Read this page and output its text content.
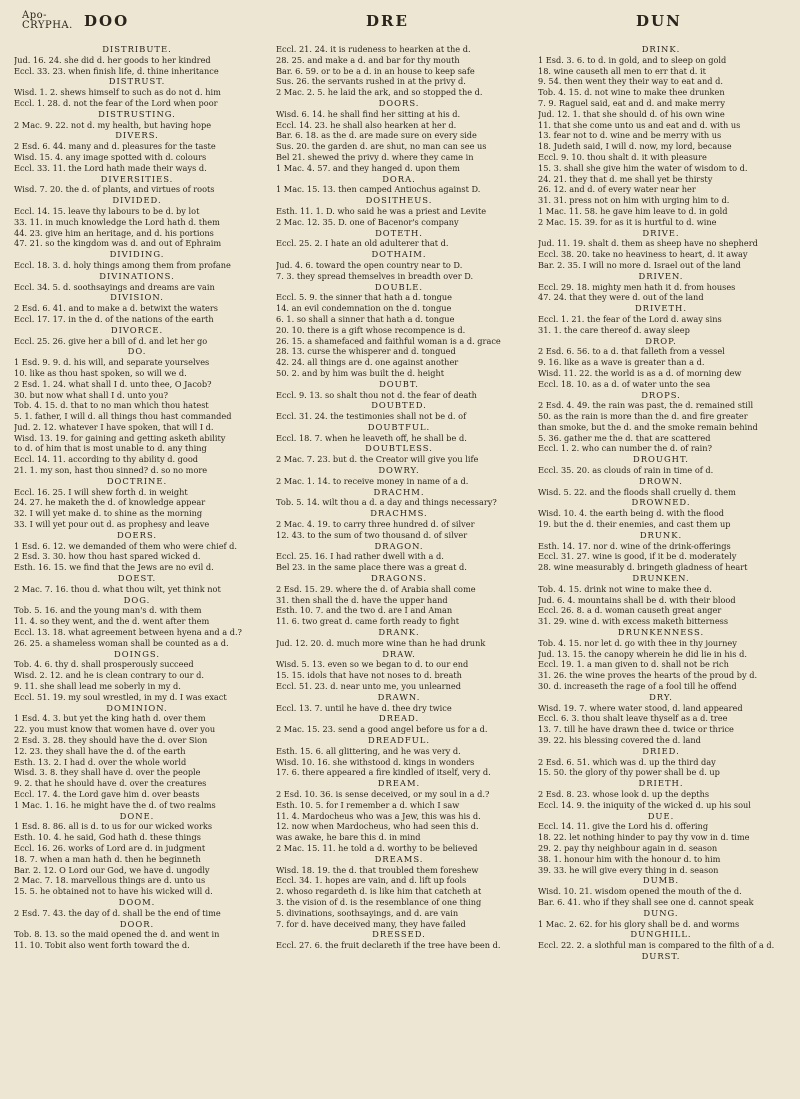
Apo-
CRYPHA. DOO	DRE	DUN

DISTRIBUTE.

Jud. 16. 24. she did d. her goods to her kindred

Eccl. 33. 23. when finish life, d. thine inheritance

DISTRUST.

Wisd. 1. 2. shews himself to such as do not d. him

Eccl. 1. 28. d. not the fear of the Lord when poor

DISTRUSTING.

2 Mac. 9. 22. not d. my health, but having hope

DIVERS.

2 Esd. 6. 44. many and d. pleasures for the taste

Wisd. 15. 4. any image spotted with d. colours

Eccl. 33. 11. the Lord hath made their ways d.

DIVERSITIES.

Wisd. 7. 20. the d. of plants, and virtues of roots

DIVIDED.

Eccl. 14. 15. leave thy labours to be d. by lot

33. 11. in much knowledge the Lord hath d. them

44. 23. give him an heritage, and d. his portions

47. 21. so the kingdom was d. and out of Ephraim

DIVIDING.

Eccl. 18. 3. d. holy things among them from profane

DIVINATIONS.

Eccl. 34. 5. d. soothsayings and dreams are vain

DIVISION.

2 Esd. 6. 41. and to make a d. betwixt the waters

Eccl. 17. 17. in the d. of the nations of the earth

DIVORCE.

Eccl. 25. 26. give her a bill of d. and let her go

DO.

1 Esd. 9. 9. d. his will, and separate yourselves

10. like as thou hast spoken, so will we d.

2 Esd. 1. 24. what shall I d. unto thee, O Jacob?

30. but now what shall I d. unto you?

Tob. 4. 15. d. that to no man which thou hatest

5. 1. father, I will d. all things thou hast commanded

Jud. 2. 12. whatever I have spoken, that will I d.

Wisd. 13. 19. for gaining and getting asketh ability

to d. of him that is most unable to d. any thing

Eccl. 14. 11. according to thy ability d. good

21. 1. my son, hast thou sinned? d. so no more

DOCTRINE.

Eccl. 16. 25. I will shew forth d. in weight

24. 27. he maketh the d. of knowledge appear

32. I will yet make d. to shine as the morning

33. I will yet pour out d. as prophesy and leave

DOERS.

1 Esd. 6. 12. we demanded of them who were chief d.

2 Esd. 3. 30. how thou hast spared wicked d.

Esth. 16. 15. we find that the Jews are no evil d.

DOEST.

2 Mac. 7. 16. thou d. what thou wilt, yet think not

DOG.

Tob. 5. 16. and the young man's d. with them

11. 4. so they went, and the d. went after them

Eccl. 13. 18. what agreement between hyena and a d.?

26. 25. a shameless woman shall be counted as a d.

DOINGS.

Tob. 4. 6. thy d. shall prosperously succeed

Wisd. 2. 12. and he is clean contrary to our d.

9. 11. she shall lead me soberly in my d.

Eccl. 51. 19. my soul wrestled, in my d. I was exact

DOMINION.

1 Esd. 4. 3. but yet the king hath d. over them

22. you must know that women have d. over you

2 Esd. 3. 28. they should have the d. over Sion

12. 23. they shall have the d. of the earth

Esth. 13. 2. I had d. over the whole world

Wisd. 3. 8. they shall have d. over the people

9. 2. that he should have d. over the creatures

Eccl. 17. 4. the Lord gave him d. over beasts

1 Mac. 1. 16. he might have the d. of two realms

DONE.

1 Esd. 8. 86. all is d. to us for our wicked works

Esth. 10. 4. he said, God hath d. these things

Eccl. 16. 26. works of Lord are d. in judgment

18. 7. when a man hath d. then he beginneth

Bar. 2. 12. O Lord our God, we have d. ungodly

2 Mac. 7. 18. marvellous things are d. unto us

15. 5. he obtained not to have his wicked will d.

DOOM.

2 Esd. 7. 43. the day of d. shall be the end of time

DOOR.

Tob. 8. 13. so the maid opened the d. and went in

11. 10. Tobit also went forth toward the d.

Eccl. 21. 24. it is rudeness to hearken at the d.

28. 25. and make a d. and bar for thy mouth

Bar. 6. 59. or to be a d. in an house to keep safe

Sus. 26. the servants rushed in at the privy d.

2 Mac. 2. 5. he laid the ark, and so stopped the d.

DOORS.

Wisd. 6. 14. he shall find her sitting at his d.

Eccl. 14. 23. he shall also hearken at her d.

Bar. 6. 18. as the d. are made sure on every side

Sus. 20. the garden d. are shut, no man can see us

Bel 21. shewed the privy d. where they came in

1 Mac. 4. 57. and they hanged d. upon them

DORA.

1 Mac. 15. 13. then camped Antiochus against D.

DOSITHEUS.

Esth. 11. 1. D. who said he was a priest and Levite

2 Mac. 12. 35. D. one of Bacenor's company

DOTETH.

Eccl. 25. 2. I hate an old adulterer that d.

DOTHAIM.

Jud. 4. 6. toward the open country near to D.

7. 3. they spread themselves in breadth over D.

DOUBLE.

Eccl. 5. 9. the sinner that hath a d. tongue

14. an evil condemnation on the d. tongue

6. 1. so shall a sinner that hath a d. tongue

20. 10. there is a gift whose recompence is d.

26. 15. a shamefaced and faithful woman is a d. grace

28. 13. curse the whisperer and d. tongued

42. 24. all things are d. one against another

50. 2. and by him was built the d. height

DOUBT.

Eccl. 9. 13. so shalt thou not d. the fear of death

DOUBTED.

Eccl. 31. 24. the testimonies shall not be d. of

DOUBTFUL.

Eccl. 18. 7. when he leaveth off, he shall be d.

DOUBTLESS.

2 Mac. 7. 23. but d. the Creator will give you life

DOWRY.

2 Mac. 1. 14. to receive money in name of a d.

DRACHM.

Tob. 5. 14. wilt thou a d. a day and things necessary?

DRACHMS.

2 Mac. 4. 19. to carry three hundred d. of silver

12. 43. to the sum of two thousand d. of silver

DRAGON.

Eccl. 25. 16. I had rather dwell with a d.

Bel 23. in the same place there was a great d.

DRAGONS.

2 Esd. 15. 29. where the d. of Arabia shall come

31. then shall the d. have the upper hand

Esth. 10. 7. and the two d. are I and Aman

11. 6. two great d. came forth ready to fight

DRANK.

Jud. 12. 20. d. much more wine than he had drunk

DRAW.

Wisd. 5. 13. even so we began to d. to our end

15. 15. idols that have not noses to d. breath

Eccl. 51. 23. d. near unto me, you unlearned

DRAWN.

Eccl. 13. 7. until he have d. thee dry twice

DREAD.

2 Mac. 15. 23. send a good angel before us for a d.

DREADFUL.

Esth. 15. 6. all glittering, and he was very d.

Wisd. 10. 16. she withstood d. kings in wonders

17. 6. there appeared a fire kindled of itself, very d.

DREAM.

2 Esd. 10. 36. is sense deceived, or my soul in a d.?

Esth. 10. 5. for I remember a d. which I saw

11. 4. Mardocheus who was a Jew, this was his d.

12. now when Mardocheus, who had seen this d.

was awake, he bare this d. in mind

2 Mac. 15. 11. he told a d. worthy to be believed

DREAMS.

Wisd. 18. 19. the d. that troubled them foreshew

Eccl. 34. 1. hopes are vain, and d. lift up fools

2. whoso regardeth d. is like him that catcheth at

3. the vision of d. is the resemblance of one thing

5. divinations, soothsayings, and d. are vain

7. for d. have deceived many, they have failed

DRESSED.

Eccl. 27. 6. the fruit declareth if the tree have been d.

DRINK.

1 Esd. 3. 6. to d. in gold, and to sleep on gold

18. wine causeth all men to err that d. it

9. 54. then went they their way to eat and d.

Tob. 4. 15. d. not wine to make thee drunken

7. 9. Raguel said, eat and d. and make merry

Jud. 12. 1. that she should d. of his own wine

11. that she come unto us and eat and d. with us

13. fear not to d. wine and be merry with us

18. Judeth said, I will d. now, my lord, because

Eccl. 9. 10. thou shalt d. it with pleasure

15. 3. shall she give him the water of wisdom to d.

24. 21. they that d. me shall yet be thirsty

26. 12. and d. of every water near her

31. 31. press not on him with urging him to d.

1 Mac. 11. 58. he gave him leave to d. in gold

2 Mac. 15. 39. for as it is hurtful to d. wine

DRIVE.

Jud. 11. 19. shalt d. them as sheep have no shepherd

Eccl. 38. 20. take no heaviness to heart, d. it away

Bar. 2. 35. I will no more d. Israel out of the land

DRIVEN.

Eccl. 29. 18. mighty men hath it d. from houses

47. 24. that they were d. out of the land

DRIVETH.

Eccl. 1. 21. the fear of the Lord d. away sins

31. 1. the care thereof d. away sleep

DROP.

2 Esd. 6. 56. to a d. that falleth from a vessel

9. 16. like as a wave is greater than a d.

Wisd. 11. 22. the world is as a d. of morning dew

Eccl. 18. 10. as a d. of water unto the sea

DROPS.

2 Esd. 4. 49. the rain was past, the d. remained still

50. as the rain is more than the d. and fire greater

than smoke, but the d. and the smoke remain behind

5. 36. gather me the d. that are scattered

Eccl. 1. 2. who can number the d. of rain?

DROUGHT.

Eccl. 35. 20. as clouds of rain in time of d.

DROWN.

Wisd. 5. 22. and the floods shall cruelly d. them

DROWNED.

Wisd. 10. 4. the earth being d. with the flood

19. but the d. their enemies, and cast them up

DRUNK.

Esth. 14. 17. nor d. wine of the drink-offerings

Eccl. 31. 27. wine is good, if it be d. moderately

28. wine measurably d. bringeth gladness of heart

DRUNKEN.

Tob. 4. 15. drink not wine to make thee d.

Jud. 6. 4. mountains shall be d. with their blood

Eccl. 26. 8. a d. woman causeth great anger

31. 29. wine d. with excess maketh bitterness

DRUNKENNESS.

Tob. 4. 15. nor let d. go with thee in thy journey

Jud. 13. 15. the canopy wherein he did lie in his d.

Eccl. 19. 1. a man given to d. shall not be rich

31. 26. the wine proves the hearts of the proud by d.

30. d. increaseth the rage of a fool till he offend

DRY.

Wisd. 19. 7. where water stood, d. land appeared

Eccl. 6. 3. thou shalt leave thyself as a d. tree

13. 7. till he have drawn thee d. twice or thrice

39. 22. his blessing covered the d. land

DRIED.

2 Esd. 6. 51. which was d. up the third day

15. 50. the glory of thy power shall be d. up

DRIETH.

2 Esd. 8. 23. whose look d. up the depths

Eccl. 14. 9. the iniquity of the wicked d. up his soul

DUE.

Eccl. 14. 11. give the Lord his d. offering

18. 22. let nothing hinder to pay thy vow in d. time

29. 2. pay thy neighbour again in d. season

38. 1. honour him with the honour d. to him

39. 33. he will give every thing in d. season

DUMB.

Wisd. 10. 21. wisdom opened the mouth of the d.

Bar. 6. 41. who if they shall see one d. cannot speak

DUNG.

1 Mac. 2. 62. for his glory shall be d. and worms

DUNGHILL.

Eccl. 22. 2. a slothful man is compared to the filth of a d.

DURST.
